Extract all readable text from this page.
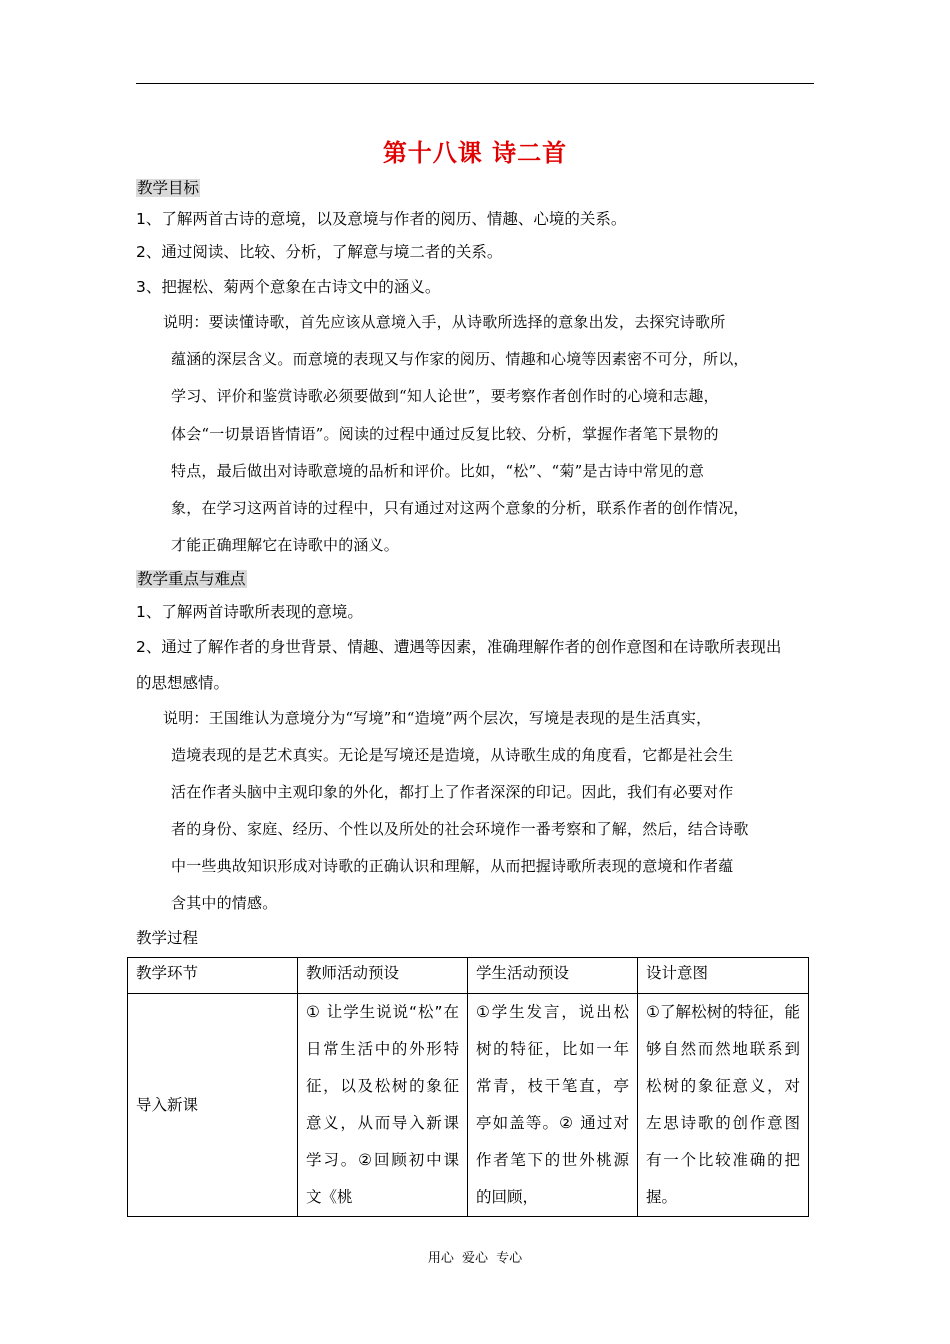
第十八课 诗二首
教学目标
1、了解两首古诗的意境，以及意境与作者的阅历、情趣、心境的关系。
2、通过阅读、比较、分析，了解意与境二者的关系。
3、把握松、菊两个意象在古诗文中的涵义。
说明：要读懂诗歌，首先应该从意境入手，从诗歌所选择的意象出发，去探究诗歌所
蕴涵的深层含义。而意境的表现又与作家的阅历、情趣和心境等因素密不可分，所以，
学习、评价和鉴赏诗歌必须要做到“知人论世”，要考察作者创作时的心境和志趣，
体会“一切景语皆情语”。阅读的过程中通过反复比较、分析，掌握作者笔下景物的
特点，最后做出对诗歌意境的品析和评价。比如，“松”、“菊”是古诗中常见的意
象，在学习这两首诗的过程中，只有通过对这两个意象的分析，联系作者的创作情况，
才能正确理解它在诗歌中的涵义。
教学重点与难点
1、了解两首诗歌所表现的意境。
2、通过了解作者的身世背景、情趣、遭遇等因素，准确理解作者的创作意图和在诗歌所表现出
的思想感情。
说明：王国维认为意境分为“写境”和“造境”两个层次，写境是表现的是生活真实，
造境表现的是艺术真实。无论是写境还是造境，从诗歌生成的角度看，它都是社会生
活在作者头脑中主观印象的外化，都打上了作者深深的印记。因此，我们有必要对作
者的身份、家庭、经历、个性以及所处的社会环境作一番考察和了解，然后，结合诗歌
中一些典故知识形成对诗歌的正确认识和理解，从而把握诗歌所表现的意境和作者蕴
含其中的情感。
教学过程
教学环节	教师活动预设	学生活动预设	设计意图
导入新课	① 让学生说说“松”在日常生活中的外形特征，以及松树的象征意义，从而导入新课学习。②回顾初中课文《桃	①学生发言，说出松树的特征，比如一年常青，枝干笔直，亭亭如盖等。② 通过对作者笔下的世外桃源的回顾，	①了解松树的特征，能够自然而然地联系到松树的象征意义，对左思诗歌的创作意图有一个比较准确的把握。
用心 爱心 专心
